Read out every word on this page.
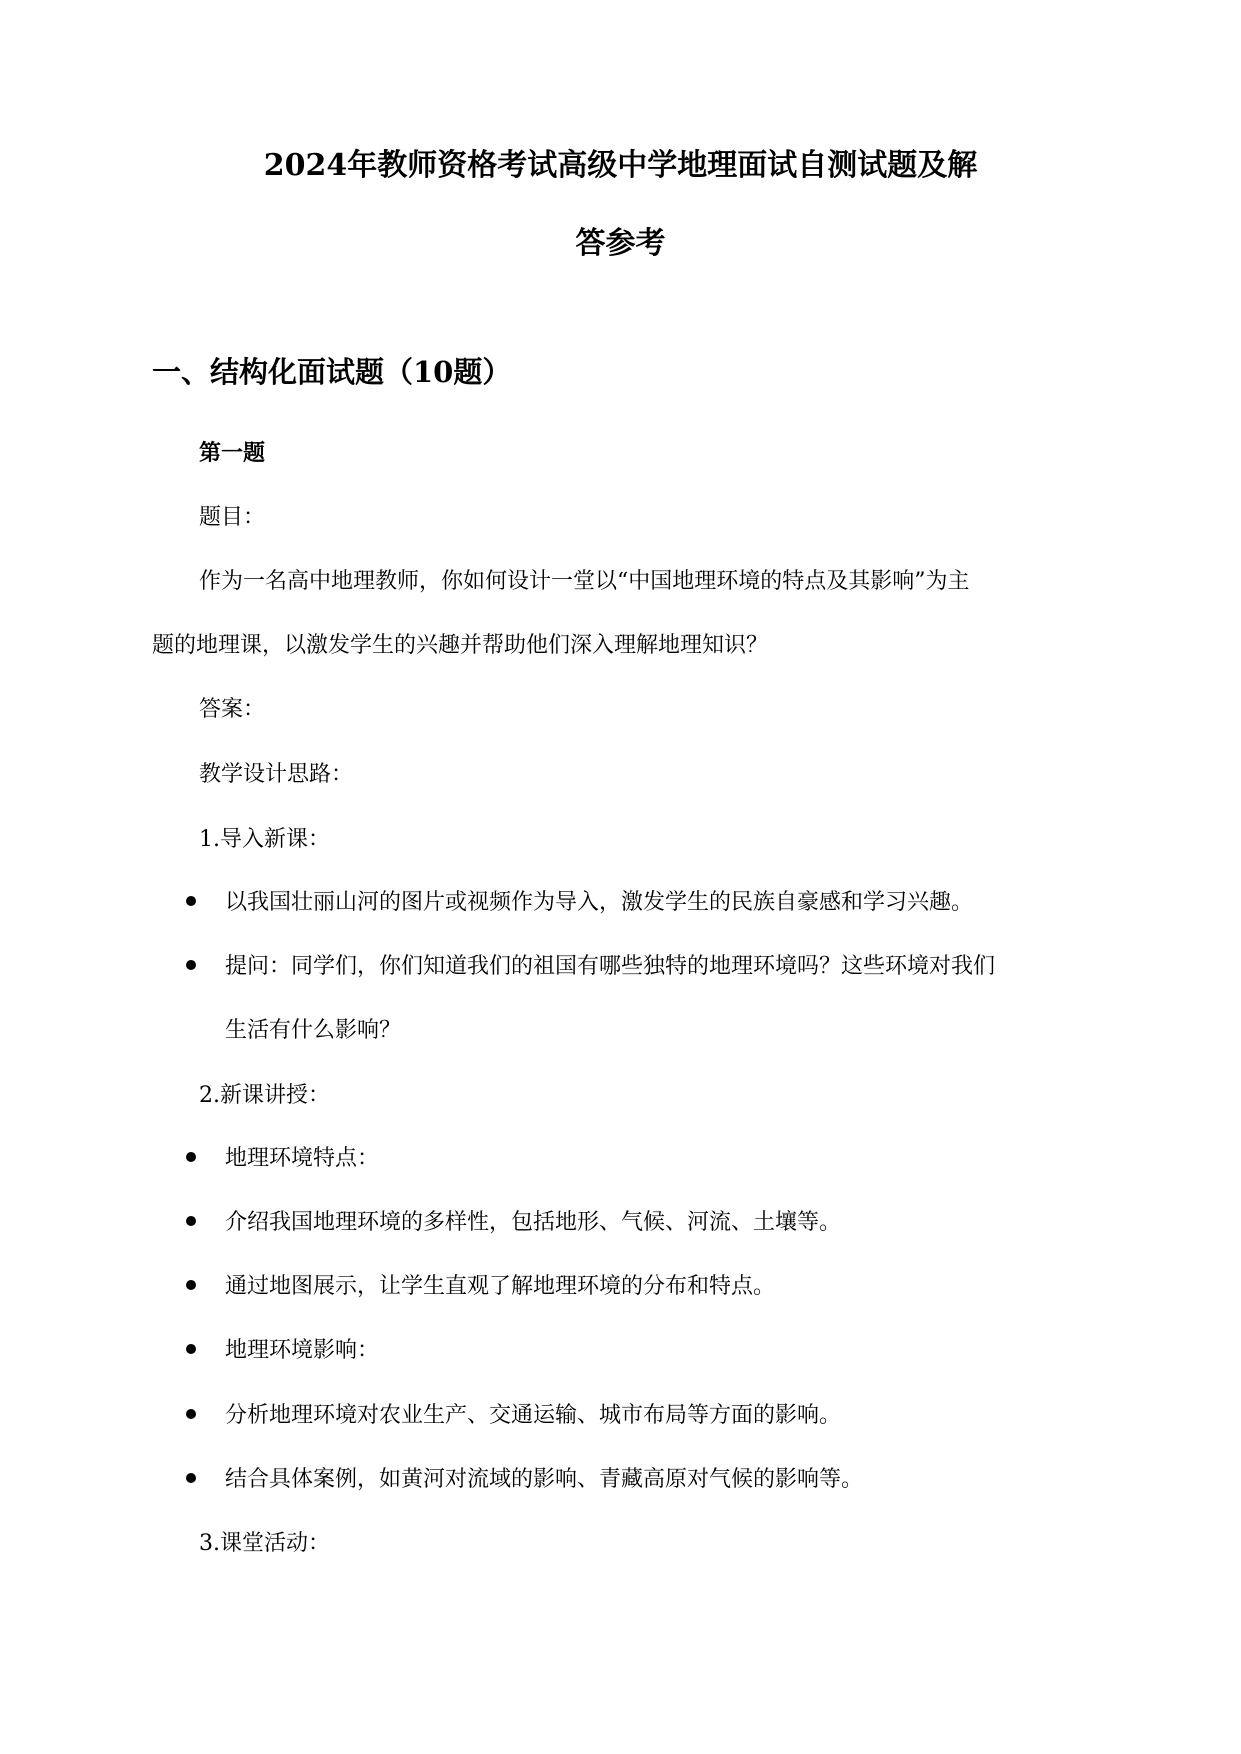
2024年教师资格考试高级中学地理面试自测试题及解
答参考
一、结构化面试题（10题）
第一题
题目：
作为一名高中地理教师，你如何设计一堂以“中国地理环境的特点及其影响”为主
题的地理课，以激发学生的兴趣并帮助他们深入理解地理知识？
答案：
教学设计思路：
1.导入新课：
以我国壮丽山河的图片或视频作为导入，激发学生的民族自豪感和学习兴趣。
提问：同学们，你们知道我们的祖国有哪些独特的地理环境吗？这些环境对我们
生活有什么影响？
2.新课讲授：
地理环境特点：
介绍我国地理环境的多样性，包括地形、气候、河流、土壤等。
通过地图展示，让学生直观了解地理环境的分布和特点。
地理环境影响：
分析地理环境对农业生产、交通运输、城市布局等方面的影响。
结合具体案例，如黄河对流域的影响、青藏高原对气候的影响等。
3.课堂活动：
